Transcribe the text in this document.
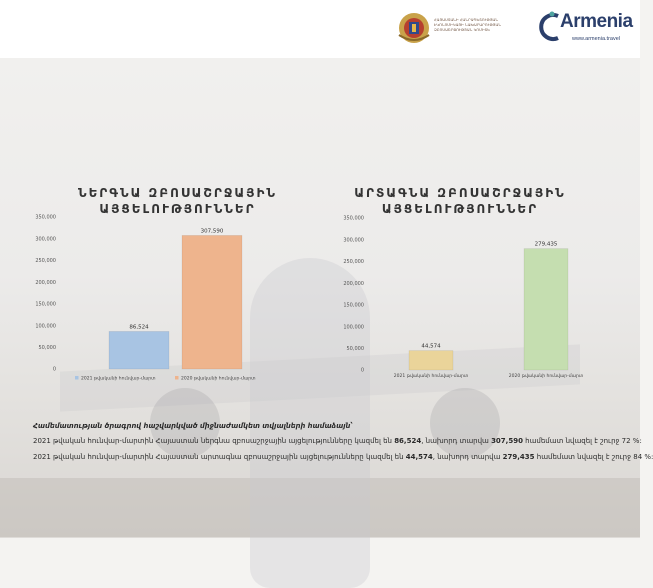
ՀԱՅԱՍՏԱՆԻ ՀԱՆՐԱՊԵՏՈՒԹՅԱՆ
ԷԿՈՆՈՄԻԿԱՅԻ ՆԱԽԱՐԱՐՈՒԹՅԱՆ
ԶԲՈՍԱՇՐՋՈՒԹՅԱՆ ԿՈՄԻՏԵ	Armenia
www.armenia.travel
ՆԵՐԳՆԱ ԶԲՈՍԱՇՐՋԱՅԻՆ
ԱՅՑԵԼՈՒԹՅՈՒՆՆԵՐ
ԱՐՏԱԳՆԱ ԶԲՈՍԱՇՐՋԱՅԻՆ
ԱՅՑԵԼՈՒԹՅՈՒՆՆԵՐ
0
50,000
100,000
150,000
200,000
250,000
300,000
350,000
86,524
307,590
2021 թվականի հունվար-մարտ	2020 թվականի հունվար-մարտ
0
50,000
100,000
150,000
200,000
250,000
300,000
350,000
44,574
2021 թվականի հունվար-մարտ
279,435
2020 թվականի հունվար-մարտ
Համեմատության ծրագրով հաշվարկված միջնաժամկետ տվյալների համաձայն՝
2021 թվական հունվար-մարտին Հայաստան ներգնա զբոսաշրջային այցելությունները կազմել են 86,524, նախորդ տարվա 307,590 համեմատ նվազել է շուրջ 72 %:
2021 թվական հունվար-մարտին Հայաստան արտագնա զբոսաշրջային այցելությունները կազմել են 44,574, նախորդ տարվա 279,435 համեմատ նվազել է շուրջ 84 %:
